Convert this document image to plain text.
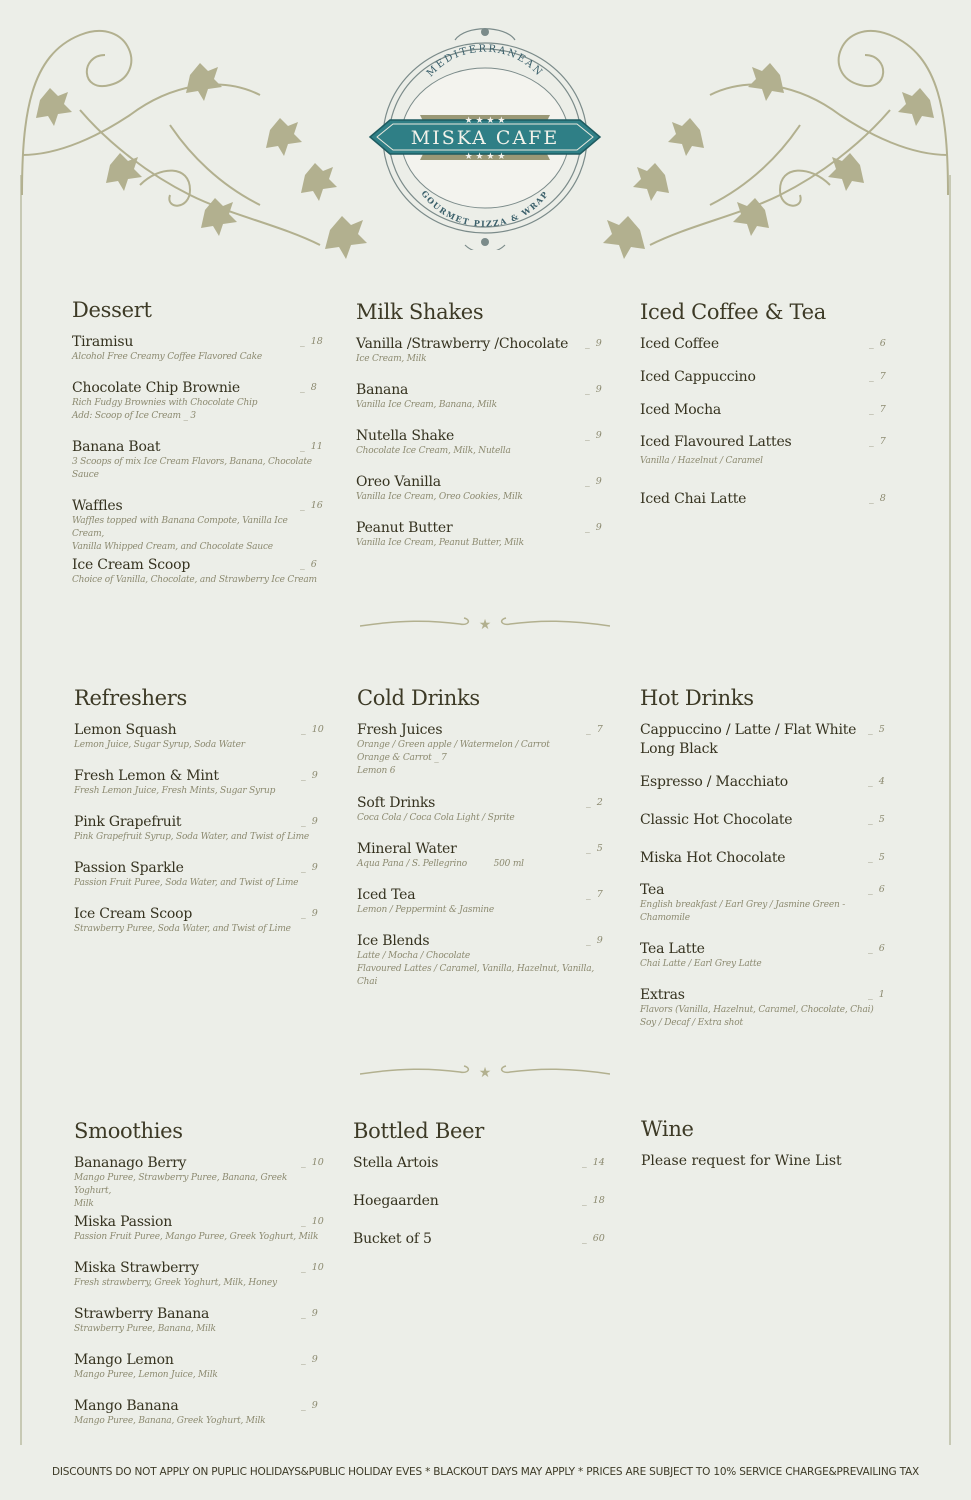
MEDITERRANEAN
GOURMET PIZZA & WRAP
MISKA CAFE
★ ★ ★ ★
★ ★ ★ ★
Dessert
Tiramisu
Alcohol Free Creamy Coffee Flavored Cake
_ 18
Chocolate Chip Brownie
Rich Fudgy Brownies with Chocolate Chip
Add: Scoop of Ice Cream _ 3
_ 8
Banana Boat
3 Scoops of mix Ice Cream Flavors, Banana, Chocolate
Sauce
_ 11
Waffles
Waffles topped with Banana Compote, Vanilla Ice Cream,
Vanilla Whipped Cream, and Chocolate Sauce
_ 16
Ice Cream Scoop
Choice of Vanilla, Chocolate, and Strawberry Ice Cream
_ 6
Milk Shakes
Vanilla /Strawberry /Chocolate
Ice Cream, Milk
_ 9
Banana
Vanilla Ice Cream, Banana, Milk
_ 9
Nutella Shake
Chocolate Ice Cream, Milk, Nutella
_ 9
Oreo Vanilla
Vanilla Ice Cream, Oreo Cookies, Milk
_ 9
Peanut Butter
Vanilla Ice Cream, Peanut Butter, Milk
_ 9
Iced Coffee & Tea
Iced Coffee	_ 6
Iced Cappuccino	_ 7
Iced Mocha	_ 7
Iced Flavoured Lattes
Vanilla / Hazelnut / Caramel
_ 7
Iced Chai Latte	_ 8
★
Refreshers
Lemon Squash
Lemon Juice, Sugar Syrup, Soda Water
_ 10
Fresh Lemon & Mint
Fresh Lemon Juice, Fresh Mints, Sugar Syrup
_ 9
Pink Grapefruit
Pink Grapefruit Syrup, Soda Water, and Twist of Lime
_ 9
Passion Sparkle
Passion Fruit Puree, Soda Water, and Twist of Lime
_ 9
Ice Cream Scoop
Strawberry Puree, Soda Water, and Twist of Lime
_ 9
Cold Drinks
Fresh Juices
Orange / Green apple / Watermelon / Carrot
Orange & Carrot _ 7
Lemon 6
_ 7
Soft Drinks
Coca Cola / Coca Cola Light / Sprite
_ 2
Mineral Water
Aqua Pana / S. Pellegrino          500 ml
_ 5
Iced Tea
Lemon / Peppermint & Jasmine
_ 7
Ice Blends
Latte / Mocha / Chocolate
Flavoured Lattes / Caramel, Vanilla, Hazelnut, Vanilla,
Chai
_ 9
Hot Drinks
Cappuccino / Latte / Flat White
Long Black
_ 5
Espresso / Macchiato	_ 4
Classic Hot Chocolate	_ 5
Miska Hot Chocolate	_ 5
Tea
English breakfast / Earl Grey / Jasmine Green -
Chamomile
_ 6
Tea Latte
Chai Latte / Earl Grey Latte
_ 6
Extras
Flavors (Vanilla, Hazelnut, Caramel, Chocolate, Chai)
Soy / Decaf / Extra shot
_ 1
★
Smoothies
Bananago Berry
Mango Puree, Strawberry Puree, Banana, Greek Yoghurt,
Milk
_ 10
Miska Passion
Passion Fruit Puree, Mango Puree, Greek Yoghurt, Milk
_ 10
Miska Strawberry
Fresh strawberry, Greek Yoghurt, Milk, Honey
_ 10
Strawberry Banana
Strawberry Puree, Banana, Milk
_ 9
Mango Lemon
Mango Puree, Lemon Juice, Milk
_ 9
Mango Banana
Mango Puree, Banana, Greek Yoghurt, Milk
_ 9
Bottled Beer
Stella Artois	_ 14
Hoegaarden	_ 18
Bucket of 5	_ 60
Wine
Please request for Wine List
DISCOUNTS DO NOT APPLY ON PUPLIC HOLIDAYS&PUBLIC HOLIDAY EVES * BLACKOUT DAYS MAY APPLY * PRICES ARE SUBJECT TO 10% SERVICE CHARGE&PREVAILING TAX
